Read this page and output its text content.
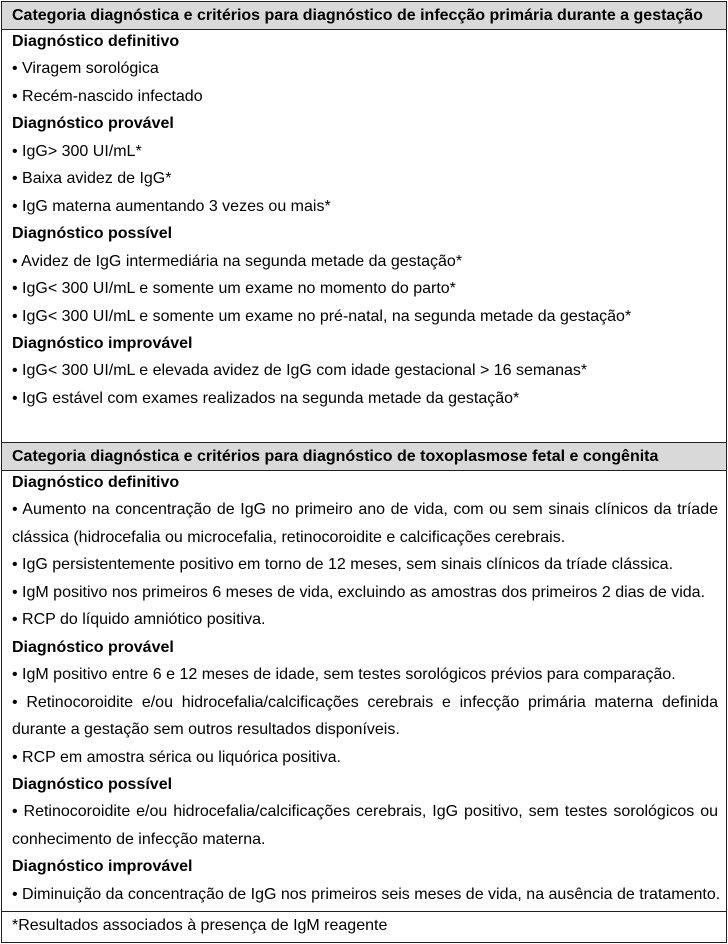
Categoria diagnóstica e critérios para diagnóstico de infecção primária durante a gestação
Diagnóstico definitivo
• Viragem sorológica
• Recém-nascido infectado
Diagnóstico provável
• IgG> 300 UI/mL*
• Baixa avidez de IgG*
• IgG materna aumentando 3 vezes ou mais*
Diagnóstico possível
• Avidez de IgG intermediária na segunda metade da gestação*
• IgG< 300 UI/mL e somente um exame no momento do parto*
• IgG< 300 UI/mL e somente um exame no pré-natal, na segunda metade da gestação*
Diagnóstico improvável
• IgG< 300 UI/mL e elevada avidez de IgG com idade gestacional > 16 semanas*
• IgG estável com exames realizados na segunda metade da gestação*
Categoria diagnóstica e critérios para diagnóstico de toxoplasmose fetal e congênita
Diagnóstico definitivo
• Aumento na concentração de IgG no primeiro ano de vida, com ou sem sinais clínicos da tríade
clássica (hidrocefalia ou microcefalia, retinocoroidite e calcificações cerebrais.
• IgG persistentemente positivo em torno de 12 meses, sem sinais clínicos da tríade clássica.
• IgM positivo nos primeiros 6 meses de vida, excluindo as amostras dos primeiros 2 dias de vida.
• RCP do líquido amniótico positiva.
Diagnóstico provável
• IgM positivo entre 6 e 12 meses de idade, sem testes sorológicos prévios para comparação.
• Retinocoroidite e/ou hidrocefalia/calcificações cerebrais e infecção primária materna definida
durante a gestação sem outros resultados disponíveis.
• RCP em amostra sérica ou liquórica positiva.
Diagnóstico possível
• Retinocoroidite e/ou hidrocefalia/calcificações cerebrais, IgG positivo, sem testes sorológicos ou
conhecimento de infecção materna.
Diagnóstico improvável
• Diminuição da concentração de IgG nos primeiros seis meses de vida, na ausência de tratamento.
*Resultados associados à presença de IgM reagente
